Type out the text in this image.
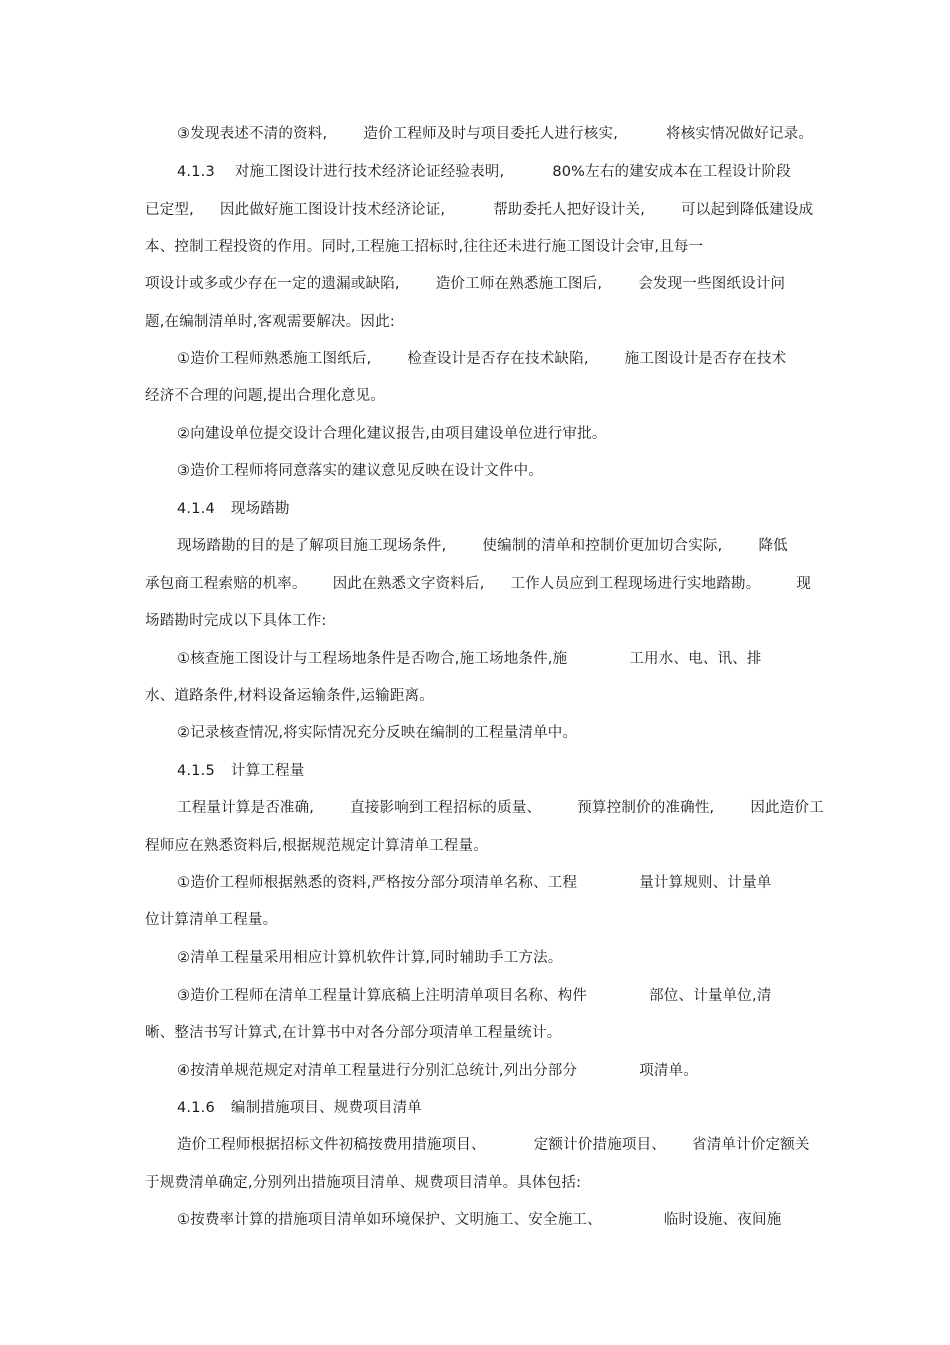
③发现表述不清的资料, 造价工程师及时与项目委托人进行核实,	将核实情况做好记录。
4.1.3 对施工图设计进行技术经济论证经验表明,	80%左右的建安成本在工程设计阶段
已定型, 因此做好施工图设计技术经济论证,	帮助委托人把好设计关, 可以起到降低建设成
本、控制工程投资的作用。同时,工程施工招标时,往往还未进行施工图设计会审,且每一
项设计或多或少存在一定的遗漏或缺陷, 造价工师在熟悉施工图后, 会发现一些图纸设计问
题,在编制清单时,客观需要解决。因此:
①造价工程师熟悉施工图纸后, 检查设计是否存在技术缺陷, 施工图设计是否存在技术
经济不合理的问题,提出合理化意见。
②向建设单位提交设计合理化建议报告,由项目建设单位进行审批。
③造价工程师将同意落实的建议意见反映在设计文件中。
4.1.4 现场踏勘
现场踏勘的目的是了解项目施工现场条件, 使编制的清单和控制价更加切合实际, 降低
承包商工程索赔的机率。 因此在熟悉文字资料后, 工作人员应到工程现场进行实地踏勘。 现
场踏勘时完成以下具体工作:
①核查施工图设计与工程场地条件是否吻合,施工场地条件,施	工用水、电、讯、排
水、道路条件,材料设备运输条件,运输距离。
②记录核查情况,将实际情况充分反映在编制的工程量清单中。
4.1.5 计算工程量
工程量计算是否准确, 直接影响到工程招标的质量、 预算控制价的准确性, 因此造价工
程师应在熟悉资料后,根据规范规定计算清单工程量。
①造价工程师根据熟悉的资料,严格按分部分项清单名称、工程	量计算规则、计量单
位计算清单工程量。
②清单工程量采用相应计算机软件计算,同时辅助手工方法。
③造价工程师在清单工程量计算底稿上注明清单项目名称、构件	部位、计量单位,清
晰、整洁书写计算式,在计算书中对各分部分项清单工程量统计。
④按清单规范规定对清单工程量进行分别汇总统计,列出分部分	项清单。
4.1.6 编制措施项目、规费项目清单
造价工程师根据招标文件初稿按费用措施项目、	定额计价措施项目、 省清单计价定额关
于规费清单确定,分别列出措施项目清单、规费项目清单。具体包括:
①按费率计算的措施项目清单如环境保护、文明施工、安全施工、	临时设施、夜间施
